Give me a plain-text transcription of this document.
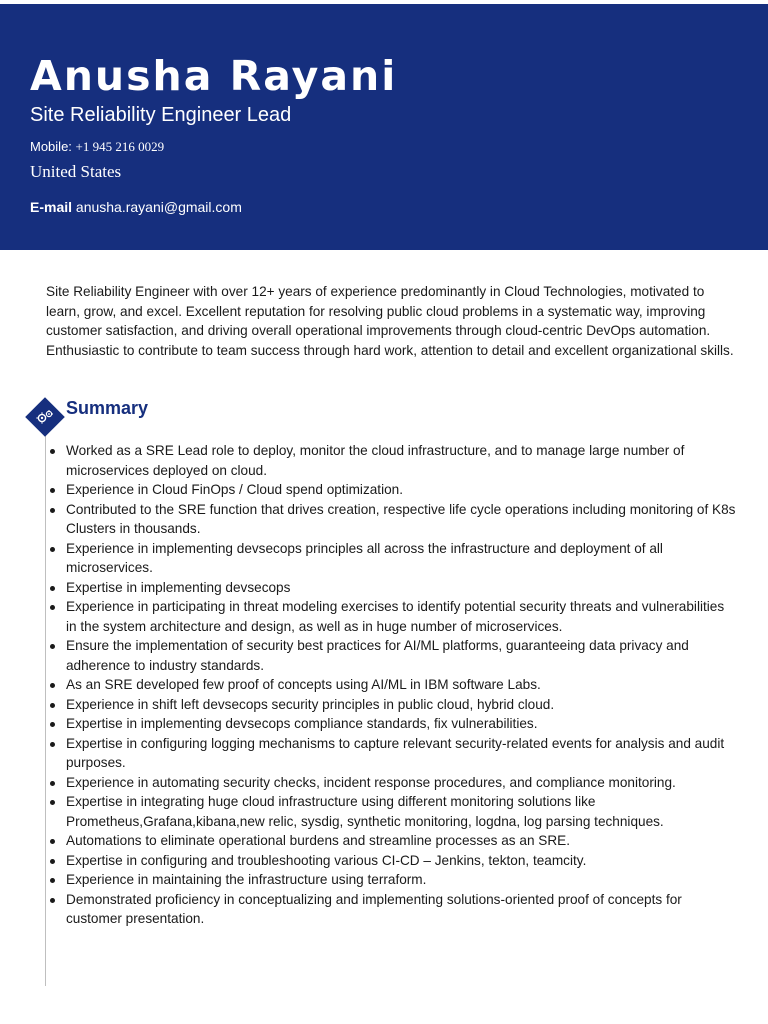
Anusha Rayani
Site Reliability Engineer Lead
Mobile: +1 945 216 0029
United States
E-mail anusha.rayani@gmail.com
Site Reliability Engineer with over 12+ years of experience predominantly in Cloud Technologies, motivated to learn, grow, and excel. Excellent reputation for resolving public cloud problems in a systematic way, improving customer satisfaction, and driving overall operational improvements through cloud-centric DevOps automation. Enthusiastic to contribute to team success through hard work, attention to detail and excellent organizational skills.
Summary
Worked as a SRE Lead role to deploy, monitor the cloud infrastructure, and to manage large number of microservices deployed on cloud.
Experience in Cloud FinOps / Cloud spend optimization.
Contributed to the SRE function that drives creation, respective life cycle operations including monitoring of K8s Clusters in thousands.
Experience in implementing devsecops principles all across the infrastructure and deployment of all microservices.
Expertise in implementing devsecops
Experience in participating in threat modeling exercises to identify potential security threats and vulnerabilities in the system architecture and design, as well as in huge number of microservices.
Ensure the implementation of security best practices for AI/ML platforms, guaranteeing data privacy and adherence to industry standards.
As an SRE developed few proof of concepts using AI/ML in IBM software Labs.
Experience in shift left devsecops security principles in public cloud, hybrid cloud.
Expertise in implementing devsecops compliance standards, fix vulnerabilities.
Expertise in configuring logging mechanisms to capture relevant security-related events for analysis and audit purposes.
Experience in automating security checks, incident response procedures, and compliance monitoring.
Expertise in integrating huge cloud infrastructure using different monitoring solutions like Prometheus,Grafana,kibana,new relic, sysdig, synthetic monitoring, logdna, log parsing techniques.
Automations to eliminate operational burdens and streamline processes as an SRE.
Expertise in configuring and troubleshooting various CI-CD – Jenkins, tekton, teamcity.
Experience in maintaining the infrastructure using terraform.
Demonstrated proficiency in conceptualizing and implementing solutions-oriented proof of concepts for customer presentation.
